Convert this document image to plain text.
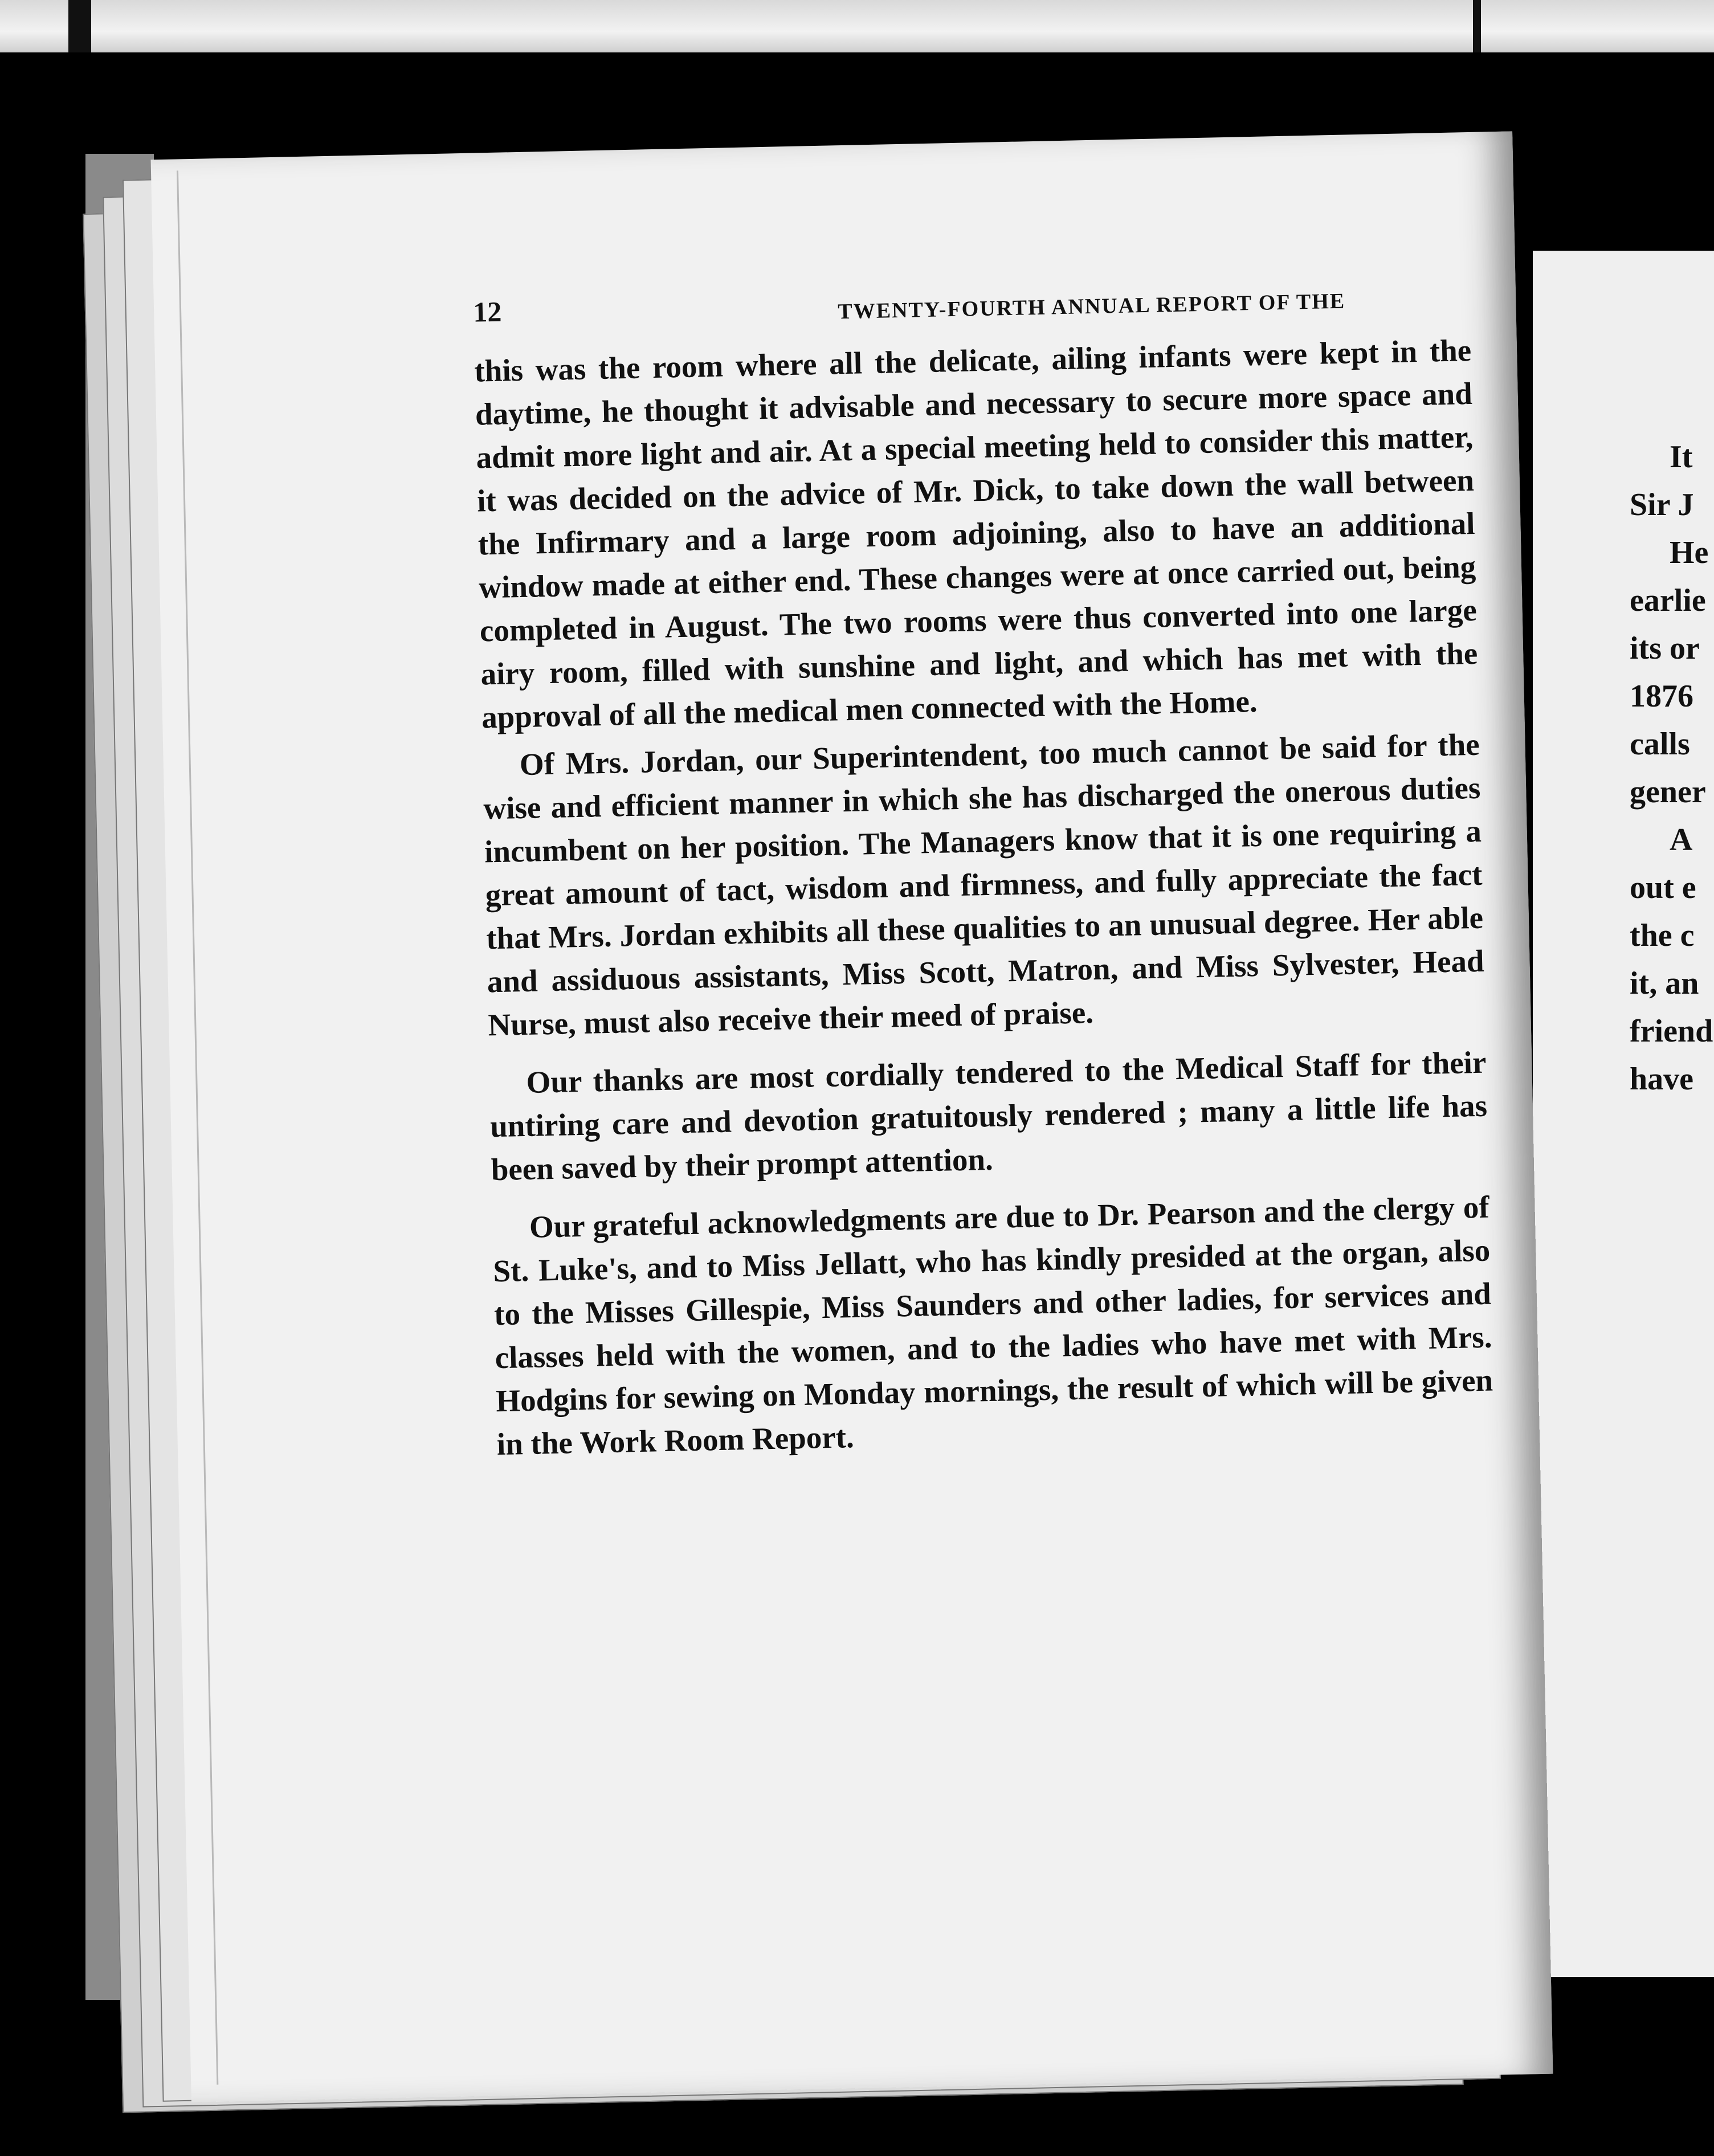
It
Sir J
He
earlie
its or
1876
calls
gener
A
out e
the c
it, an
friend
have
12	TWENTY-FOURTH ANNUAL REPORT OF THE

this was the room where all the delicate, ailing infants were kept in the daytime, he thought it advisable and necessary to secure more space and admit more light and air. At a special meeting held to consider this matter, it was decided on the advice of Mr. Dick, to take down the wall between the Infirmary and a large room adjoining, also to have an additional window made at either end. These changes were at once carried out, being completed in August. The two rooms were thus converted into one large airy room, filled with sunshine and light, and which has met with the approval of all the medical men connected with the Home.

Of Mrs. Jordan, our Superintendent, too much cannot be said for the wise and efficient manner in which she has discharged the onerous duties incumbent on her position. The Managers know that it is one requiring a great amount of tact, wisdom and firmness, and fully appreciate the fact that Mrs. Jordan exhibits all these qualities to an unusual degree. Her able and assiduous assistants, Miss Scott, Matron, and Miss Sylvester, Head Nurse, must also receive their meed of praise.

Our thanks are most cordially tendered to the Medical Staff for their untiring care and devotion gratuitously rendered ; many a little life has been saved by their prompt attention.

Our grateful acknowledgments are due to Dr. Pearson and the clergy of St. Luke's, and to Miss Jellatt, who has kindly presided at the organ, also to the Misses Gillespie, Miss Saunders and other ladies, for services and classes held with the women, and to the ladies who have met with Mrs. Hodgins for sewing on Monday mornings, the result of which will be given in the Work Room Report.
